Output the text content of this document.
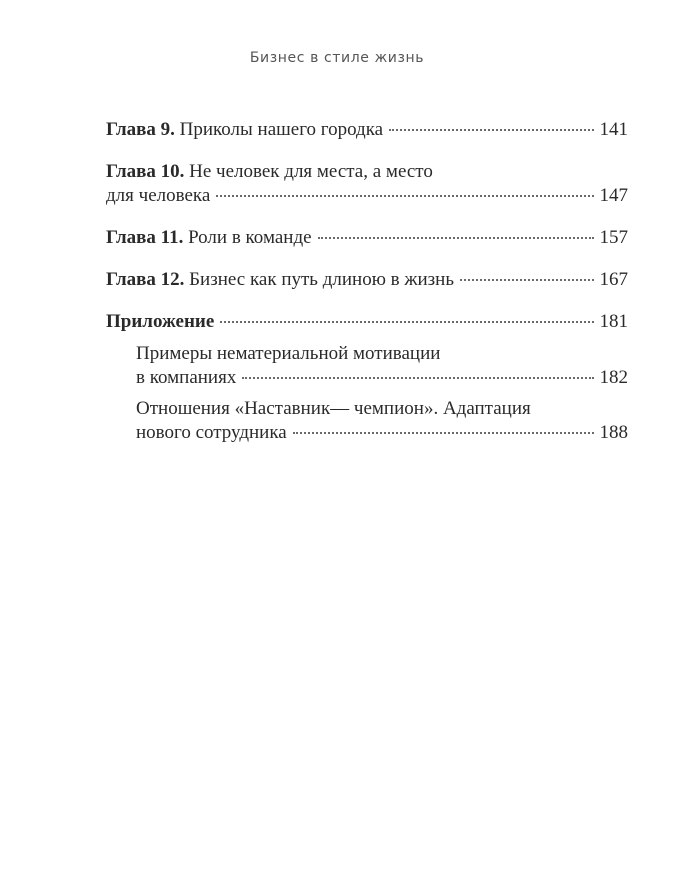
Бизнес в стиле жизнь
Глава 9. Приколы нашего городка	141
Глава 10. Не человек для места, а место
для человека	147
Глава 11. Роли в команде	157
Глава 12. Бизнес как путь длиною в жизнь	167
Приложение	181
Примеры нематериальной мотивации
в компаниях	182
Отношения «Наставник— чемпион». Адаптация
нового сотрудника	188
